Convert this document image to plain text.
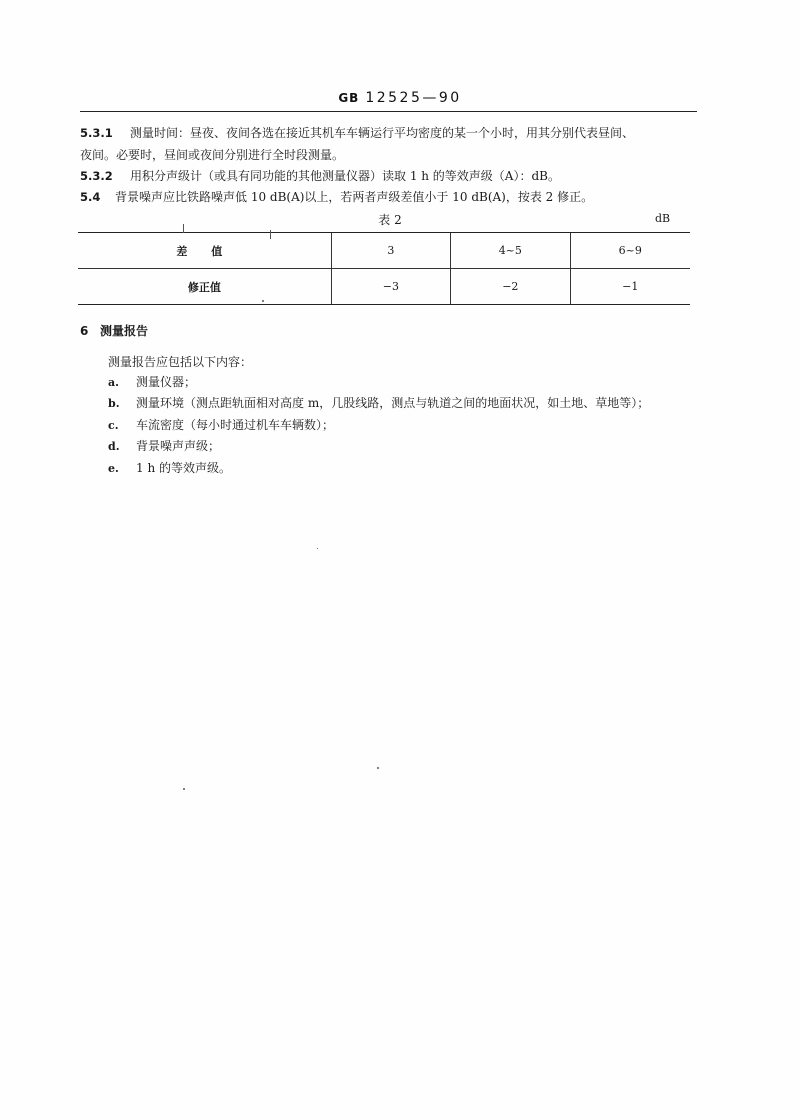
GB 12525—90
5.3.1 测量时间：昼夜、夜间各选在接近其机车车辆运行平均密度的某一个小时，用其分别代表昼间、
夜间。必要时，昼间或夜间分别进行全时段测量。
5.3.2 用积分声级计（或具有同功能的其他测量仪器）读取 1 h 的等效声级（A）：dB。
5.4 背景噪声应比铁路噪声低 10 dB(A)以上，若两者声级差值小于 10 dB(A)，按表 2 修正。
表 2	dB
差 值	3	4~5	6~9
修正值	−3	−2	−1
6 测量报告
测量报告应包括以下内容：
a. 测量仪器；
b. 测量环境（测点距轨面相对高度 m，几股线路，测点与轨道之间的地面状况，如土地、草地等）；
c. 车流密度（每小时通过机车车辆数）；
d. 背景噪声声级；
e. 1 h 的等效声级。
